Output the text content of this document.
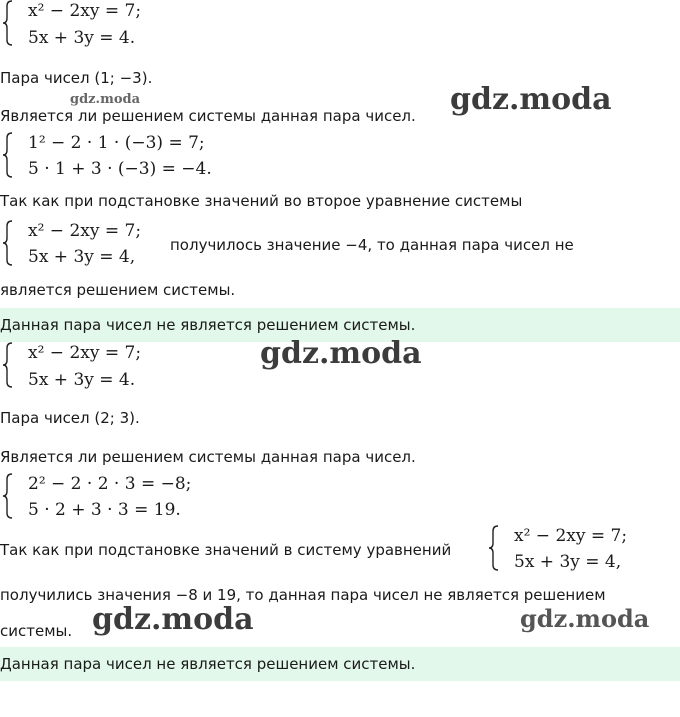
x² − 2xy = 7;
5x + 3y = 4.
Пара чисел (1; −3).
gdz.moda	gdz.moda
Является ли решением системы данная пара чисел.
1² − 2 · 1 · (−3) = 7;
5 · 1 + 3 · (−3) = −4.
Так как при подстановке значений во второе уравнение системы
x² − 2xy = 7;
5x + 3y = 4,
получилось значение −4, то данная пара чисел не
является решением системы.
Данная пара чисел не является решением системы.
x² − 2xy = 7;
5x + 3y = 4.
gdz.moda
Пара чисел (2; 3).
Является ли решением системы данная пара чисел.
2² − 2 · 2 · 3 = −8;
5 · 2 + 3 · 3 = 19.
Так как при подстановке значений в систему уравнений
x² − 2xy = 7;
5x + 3y = 4,
получились значения −8 и 19, то данная пара чисел не является решением
системы. gdz.moda	gdz.moda
Данная пара чисел не является решением системы.
